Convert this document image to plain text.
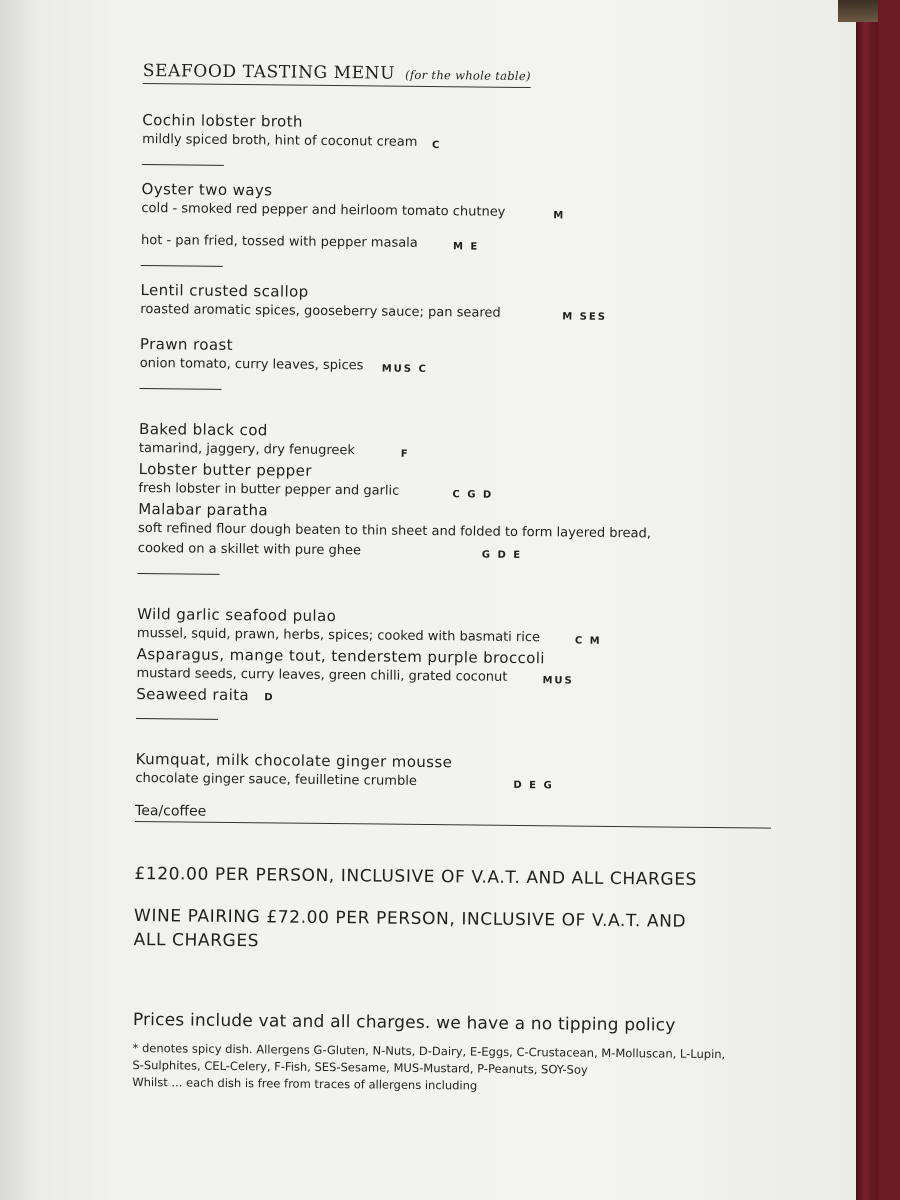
SEAFOOD TASTING MENU (for the whole table)
Cochin lobster broth
mildly spiced broth, hint of coconut cream C
Oyster two ways
cold - smoked red pepper and heirloom tomato chutney	M
hot - pan fried, tossed with pepper masala	M E
Lentil crusted scallop
roasted aromatic spices, gooseberry sauce; pan seared	M SES
Prawn roast
onion tomato, curry leaves, spices MUS C
Baked black cod
tamarind, jaggery, dry fenugreek	F
Lobster butter pepper
fresh lobster in butter pepper and garlic	C G D
Malabar paratha
soft refined flour dough beaten to thin sheet and folded to form layered bread,
cooked on a skillet with pure ghee	G D E
Wild garlic seafood pulao
mussel, squid, prawn, herbs, spices; cooked with basmati rice	C M
Asparagus, mange tout, tenderstem purple broccoli
mustard seeds, curry leaves, green chilli, grated coconut	MUS
Seaweed raita D
Kumquat, milk chocolate ginger mousse
chocolate ginger sauce, feuilletine crumble	D E G
Tea/coffee
£120.00 PER PERSON, INCLUSIVE OF V.A.T. AND ALL CHARGES
WINE PAIRING £72.00 PER PERSON, INCLUSIVE OF V.A.T. AND ALL CHARGES
Prices include vat and all charges. we have a no tipping policy
* denotes spicy dish. Allergens G-Gluten, N-Nuts, D-Dairy, E-Eggs, C-Crustacean, M-Molluscan, L-Lupin,
S-Sulphites, CEL-Celery, F-Fish, SES-Sesame, MUS-Mustard, P-Peanuts, SOY-Soy
Whilst ... each dish is free from traces of allergens including
